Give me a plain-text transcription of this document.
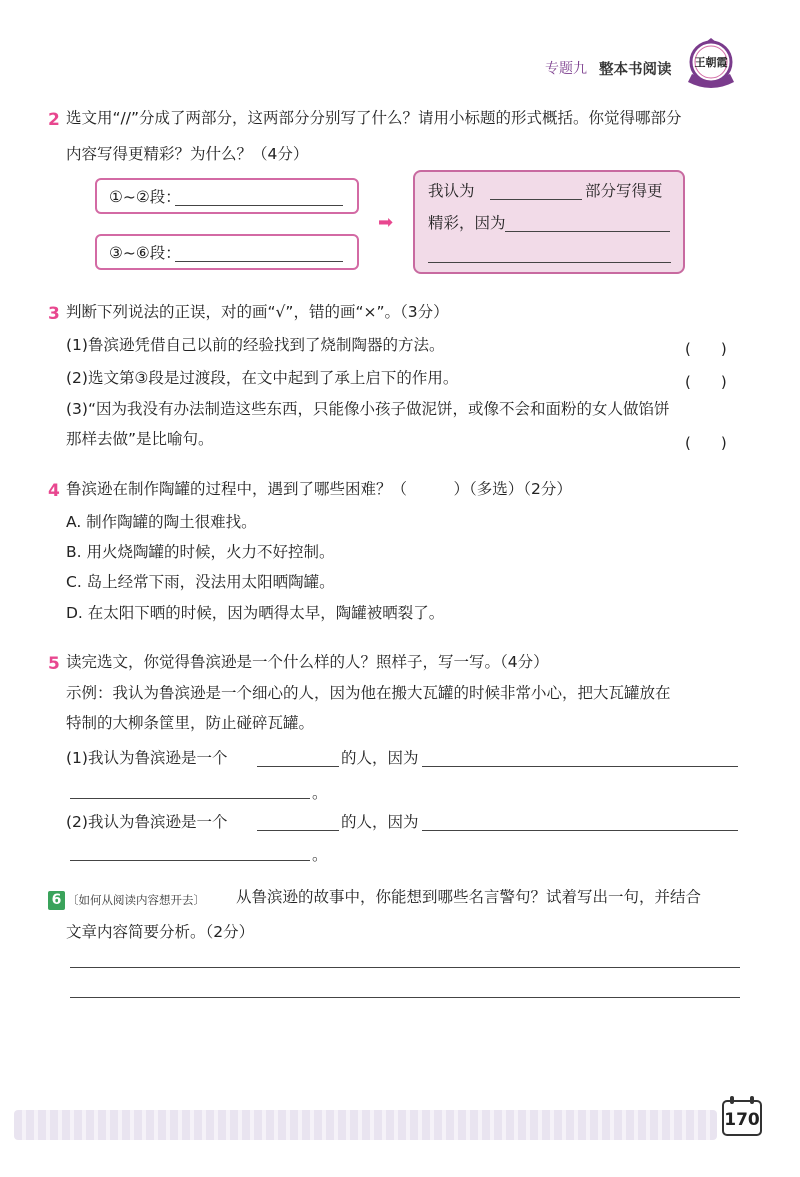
专题九 整本书阅读 王朝霞
2 选文用“//”分成了两部分，这两部分分别写了什么？请用小标题的形式概括。你觉得哪部分
内容写得更精彩？为什么？（4分）
①~②段：
③~⑥段：
➡
我认为	部分写得更
精彩，因为
3 判断下列说法的正误，对的画“√”，错的画“×”。（3分）
(1)鲁滨逊凭借自己以前的经验找到了烧制陶器的方法。	(　　)
(2)选文第③段是过渡段，在文中起到了承上启下的作用。	(　　)
(3)“因为我没有办法制造这些东西，只能像小孩子做泥饼，或像不会和面粉的女人做馅饼
那样去做”是比喻句。	(　　)
4 鲁滨逊在制作陶罐的过程中，遇到了哪些困难？（　　　）（多选）（2分）
A. 制作陶罐的陶土很难找。
B. 用火烧陶罐的时候，火力不好控制。
C. 岛上经常下雨，没法用太阳晒陶罐。
D. 在太阳下晒的时候，因为晒得太早，陶罐被晒裂了。
5 读完选文，你觉得鲁滨逊是一个什么样的人？照样子，写一写。（4分）
示例：我认为鲁滨逊是一个细心的人，因为他在搬大瓦罐的时候非常小心，把大瓦罐放在
特制的大柳条筐里，防止碰碎瓦罐。
(1)我认为鲁滨逊是一个	的人，因为
。
(2)我认为鲁滨逊是一个	的人，因为
。
6 〔如何从阅读内容想开去〕 从鲁滨逊的故事中，你能想到哪些名言警句？试着写出一句，并结合
文章内容简要分析。（2分）
170
